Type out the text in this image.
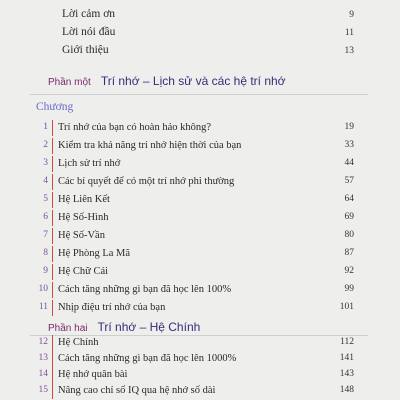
Lời cảm ơn	9
Lời nói đầu	11
Giới thiệu	13
Phần một Trí nhớ – Lịch sử và các hệ trí nhớ
Chương
1 Trí nhớ của bạn có hoàn hảo không?	19
2 Kiểm tra khả năng trí nhớ hiện thời của bạn	33
3 Lịch sử trí nhớ	44
4 Các bí quyết để có một trí nhớ phi thường	57
5 Hệ Liên Kết	64
6 Hệ Số-Hình	69
7 Hệ Số-Vần	80
8 Hệ Phòng La Mã	87
9 Hệ Chữ Cái	92
10 Cách tăng những gì bạn đã học lên 100%	99
11 Nhịp điệu trí nhớ của bạn	101
Phần hai Trí nhớ – Hệ Chính
12 Hệ Chính	112
13 Cách tăng những gì bạn đã học lên 1000%	141
14 Hệ nhớ quân bài	143
15 Nâng cao chỉ số IQ qua hệ nhớ số dài	148
